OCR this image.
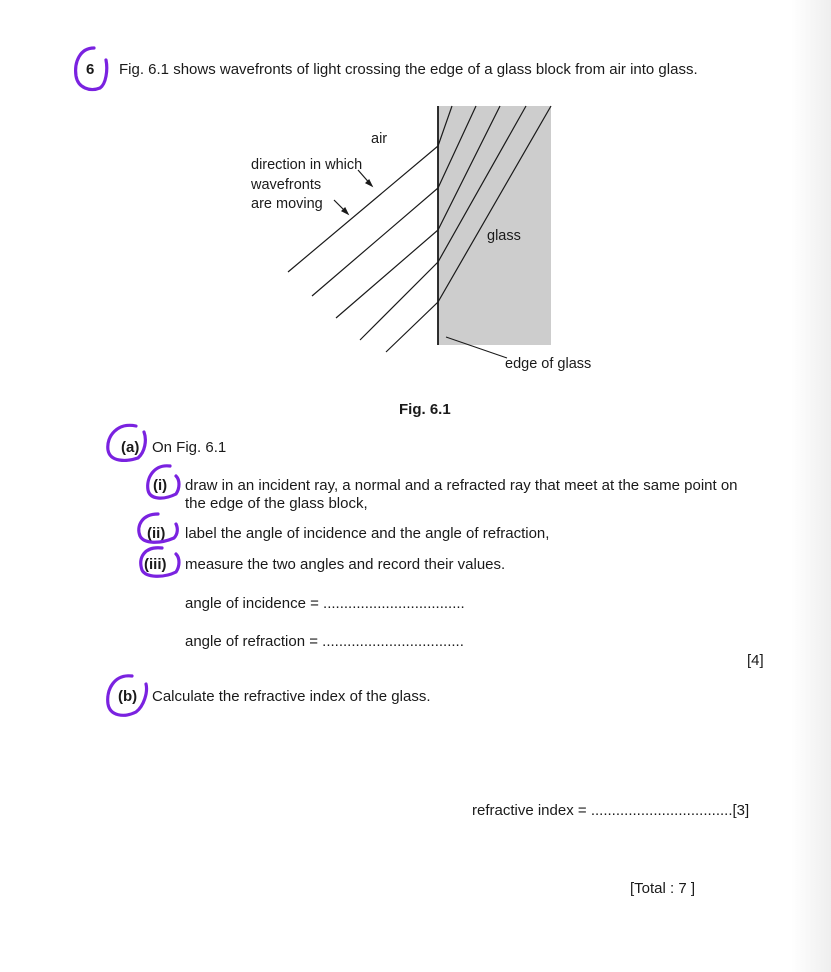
6 Fig. 6.1 shows wavefronts of light crossing the edge of a glass block from air into glass.
air
direction in which
wavefronts
are moving
glass
edge of glass
Fig. 6.1
(a) On Fig. 6.1
(i) draw in an incident ray, a normal and a refracted ray that meet at the same point on
the edge of the glass block,
(ii) label the angle of incidence and the angle of refraction,
(iii) measure the two angles and record their values.
angle of incidence = ..................................
angle of refraction = ..................................
[4]
(b) Calculate the refractive index of the glass.
refractive index = ..................................[3]
[Total : 7 ]
